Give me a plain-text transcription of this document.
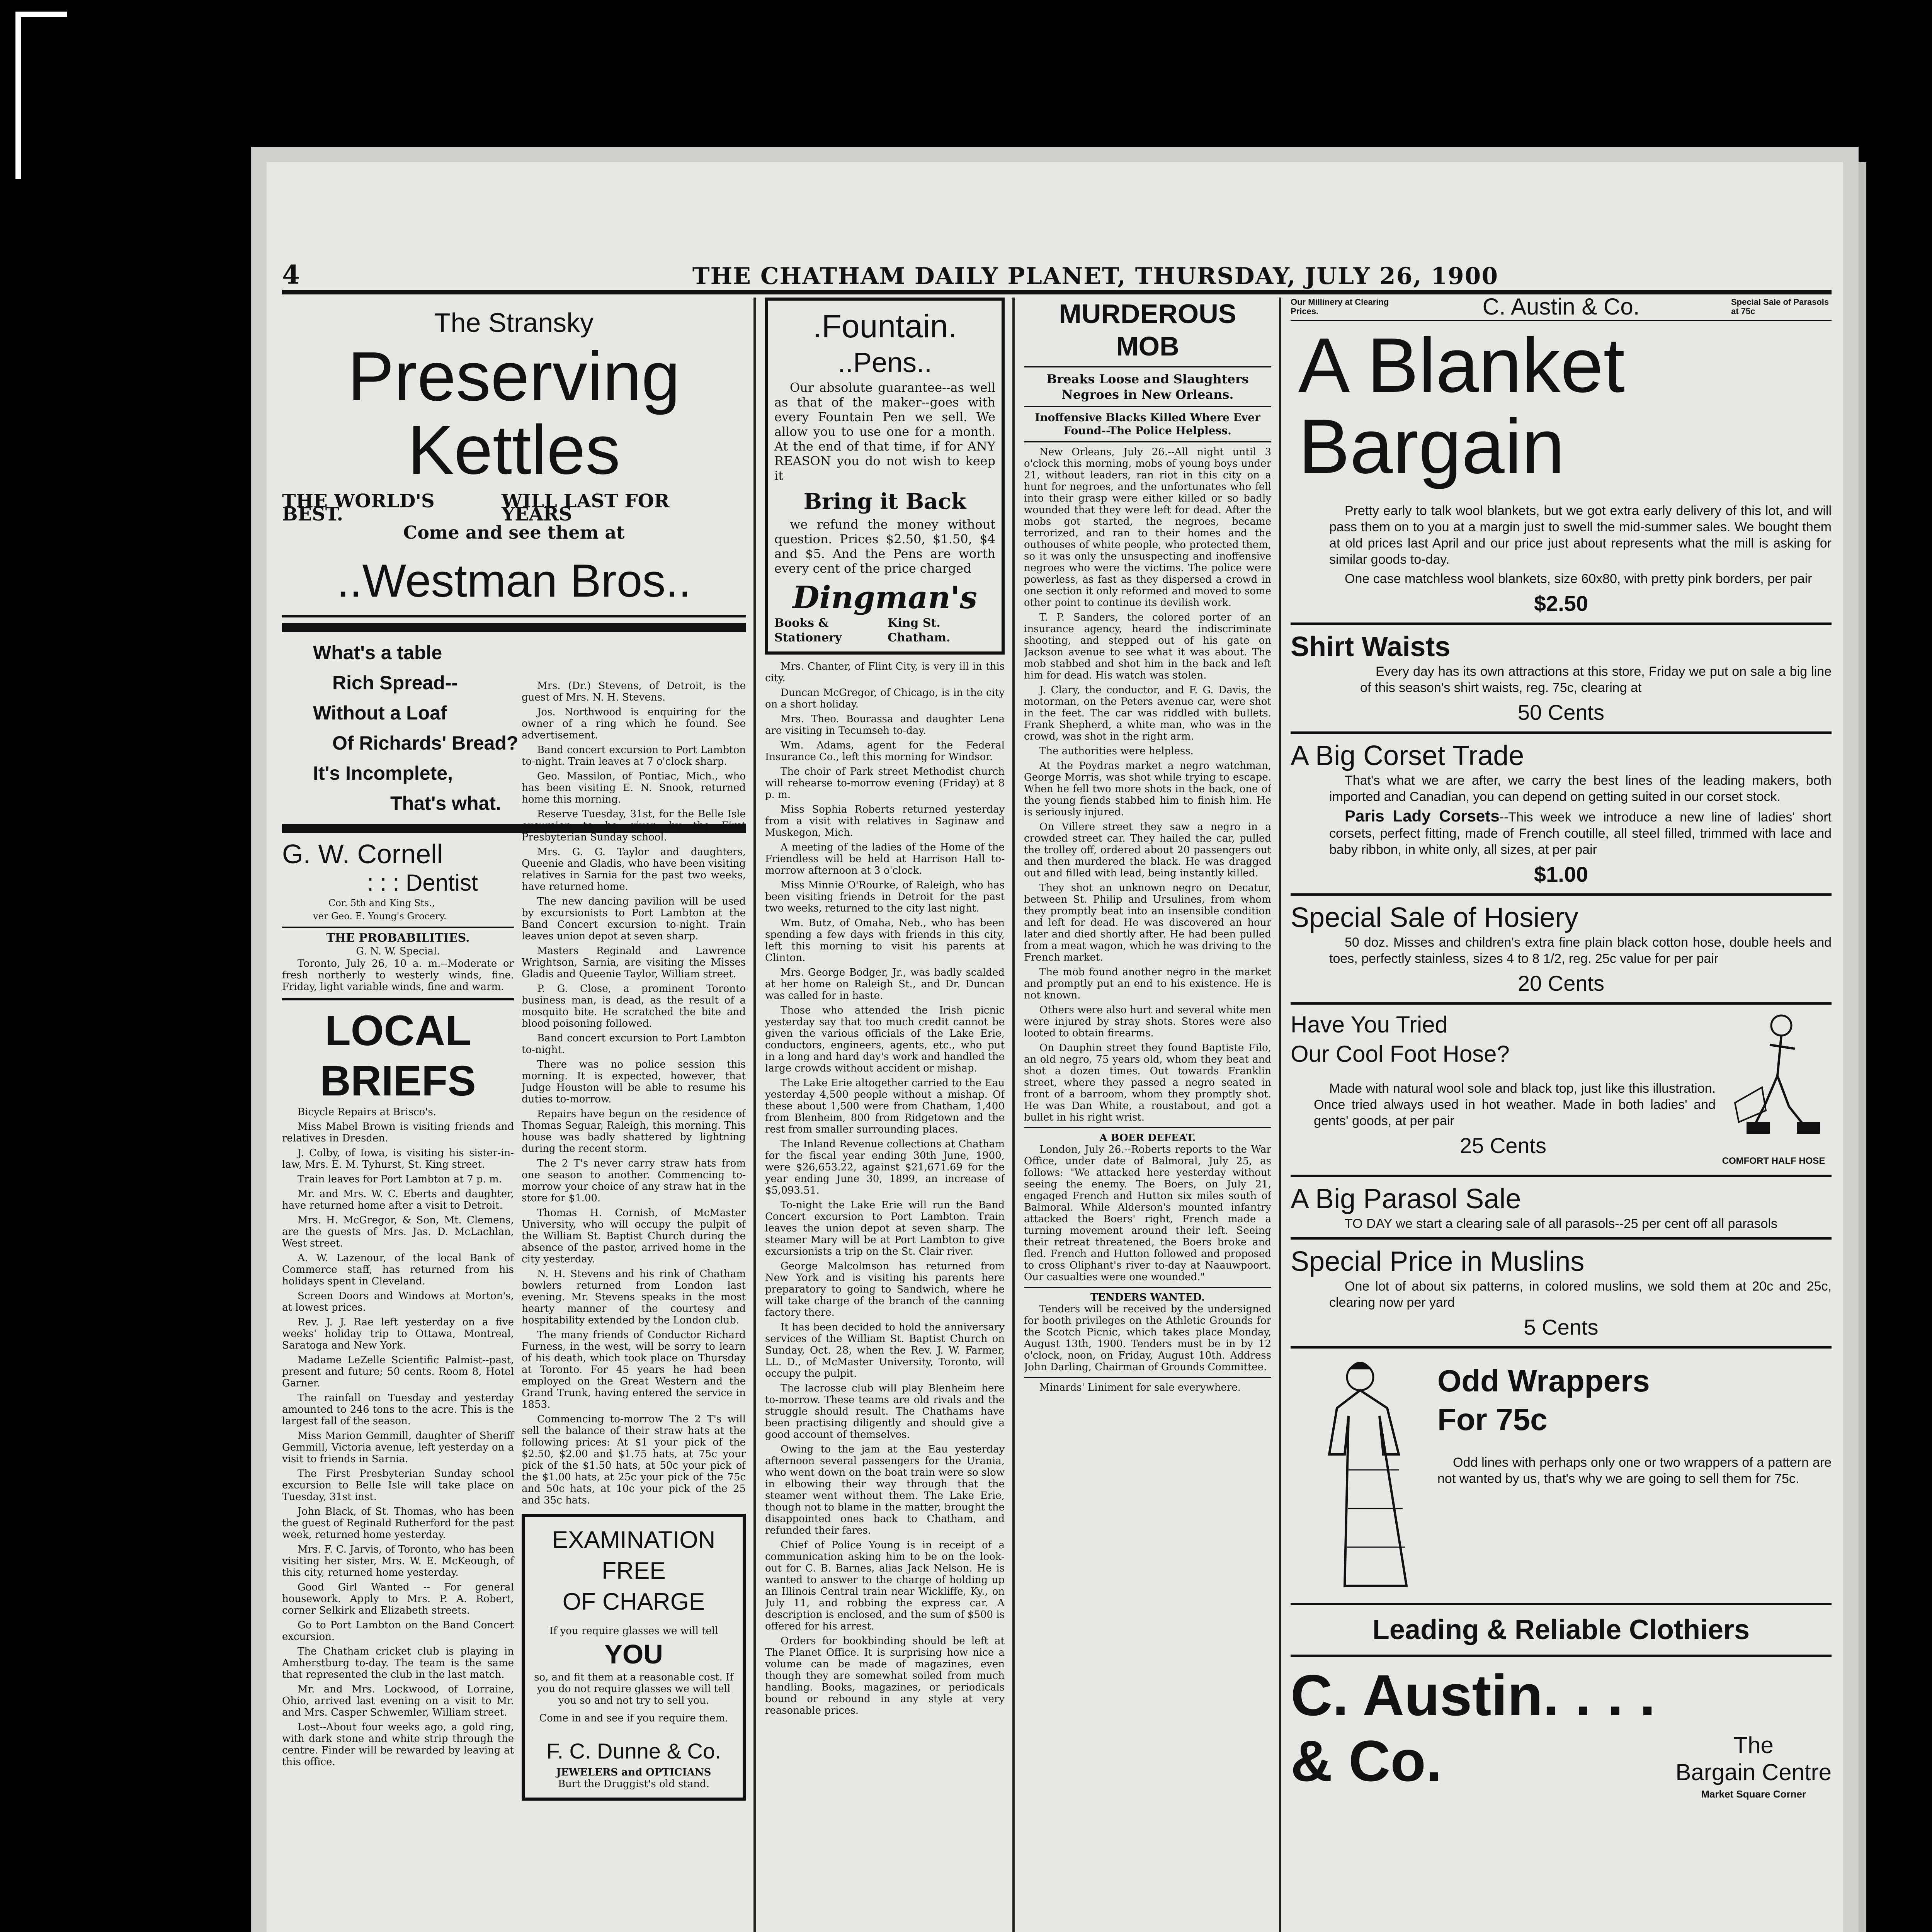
4	THE CHATHAM DAILY PLANET, THURSDAY, JULY 26, 1900
The Stransky
Preserving
Kettles
THE WORLD'S BEST.
WILL LAST FOR YEARS
Come and see them at
..Westman Bros..
What's a table
Rich Spread--
Without a Loaf
Of Richards' Bread?
It's Incomplete,
That's what.
G. W. Cornell
: : : Dentist
Cor. 5th and King Sts.,
ver Geo. E. Young's Grocery.
THE PROBABILITIES.
G. N. W. Special.

Toronto, July 26, 10 a. m.--Moderate or fresh northerly to westerly winds, fine. Friday, light variable winds, fine and warm.

LOCAL BRIEFS

Bicycle Repairs at Brisco's.

Miss Mabel Brown is visiting friends and relatives in Dresden.

J. Colby, of Iowa, is visiting his sister-in-law, Mrs. E. M. Tyhurst, St. King street.

Train leaves for Port Lambton at 7 p. m.

Mr. and Mrs. W. C. Eberts and daughter, have returned home after a visit to Detroit.

Mrs. H. McGregor, & Son, Mt. Clemens, are the guests of Mrs. Jas. D. McLachlan, West street.

A. W. Lazenour, of the local Bank of Commerce staff, has returned from his holidays spent in Cleveland.

Screen Doors and Windows at Morton's, at lowest prices.

Rev. J. J. Rae left yesterday on a five weeks' holiday trip to Ottawa, Montreal, Saratoga and New York.

Madame LeZelle Scientific Palmist--past, present and future; 50 cents. Room 8, Hotel Garner.

The rainfall on Tuesday and yesterday amounted to 246 tons to the acre. This is the largest fall of the season.

Miss Marion Gemmill, daughter of Sheriff Gemmill, Victoria avenue, left yesterday on a visit to friends in Sarnia.

The First Presbyterian Sunday school excursion to Belle Isle will take place on Tuesday, 31st inst.

John Black, of St. Thomas, who has been the guest of Reginald Rutherford for the past week, returned home yesterday.

Mrs. F. C. Jarvis, of Toronto, who has been visiting her sister, Mrs. W. E. McKeough, of this city, returned home yesterday.

Good Girl Wanted -- For general housework. Apply to Mrs. P. A. Robert, corner Selkirk and Elizabeth streets.

Go to Port Lambton on the Band Concert excursion.

The Chatham cricket club is playing in Amherstburg to-day. The team is the same that represented the club in the last match.

Mr. and Mrs. Lockwood, of Lorraine, Ohio, arrived last evening on a visit to Mr. and Mrs. Casper Schwemler, William street.

Lost--About four weeks ago, a gold ring, with dark stone and white strip through the centre. Finder will be rewarded by leaving at this office.

Mrs. (Dr.) Stevens, of Detroit, is the guest of Mrs. N. H. Stevens.

Jos. Northwood is enquiring for the owner of a ring which he found. See advertisement.

Band concert excursion to Port Lambton to-night. Train leaves at 7 o'clock sharp.

Geo. Massilon, of Pontiac, Mich., who has been visiting E. N. Snook, returned home this morning.

Reserve Tuesday, 31st, for the Belle Isle excursion to be given by the First Presbyterian Sunday school.

Mrs. G. G. Taylor and daughters, Queenie and Gladis, who have been visiting relatives in Sarnia for the past two weeks, have returned home.

The new dancing pavilion will be used by excursionists to Port Lambton at the Band Concert excursion to-night. Train leaves union depot at seven sharp.

Masters Reginald and Lawrence Wrightson, Sarnia, are visiting the Misses Gladis and Queenie Taylor, William street.

P. G. Close, a prominent Toronto business man, is dead, as the result of a mosquito bite. He scratched the bite and blood poisoning followed.

Band concert excursion to Port Lambton to-night.

There was no police session this morning. It is expected, however, that Judge Houston will be able to resume his duties to-morrow.

Repairs have begun on the residence of Thomas Seguar, Raleigh, this morning. This house was badly shattered by lightning during the recent storm.

The 2 T's never carry straw hats from one season to another. Commencing to-morrow your choice of any straw hat in the store for $1.00.

Thomas H. Cornish, of McMaster University, who will occupy the pulpit of the William St. Baptist Church during the absence of the pastor, arrived home in the city yesterday.

N. H. Stevens and his rink of Chatham bowlers returned from London last evening. Mr. Stevens speaks in the most hearty manner of the courtesy and hospitability extended by the London club.

The many friends of Conductor Richard Furness, in the west, will be sorry to learn of his death, which took place on Thursday at Toronto. For 45 years he had been employed on the Great Western and the Grand Trunk, having entered the service in 1853.

Commencing to-morrow The 2 T's will sell the balance of their straw hats at the following prices: At $1 your pick of the $2.50, $2.00 and $1.75 hats, at 75c your pick of the $1.50 hats, at 50c your pick of the $1.00 hats, at 25c your pick of the 75c and 50c hats, at 10c your pick of the 25 and 35c hats.

EXAMINATION
FREE
OF CHARGE
If you require glasses we will tell
YOU
so, and fit them at a reasonable cost. If you do not require glasses we will tell you so and not try to sell you.
Come in and see if you require them.
F. C. Dunne & Co.
JEWELERS and OPTICIANS
Burt the Druggist's old stand.
.Fountain.
..Pens..

Our absolute guarantee--as well as that of the maker--goes with every Fountain Pen we sell. We allow you to use one for a month. At the end of that time, if for ANY REASON you do not wish to keep it

Bring it Back

we refund the money without question. Prices $2.50, $1.50, $4 and $5. And the Pens are worth every cent of the price charged

Dingman's
Books & Stationery
King St. Chatham.

Mrs. Chanter, of Flint City, is very ill in this city.

Duncan McGregor, of Chicago, is in the city on a short holiday.

Mrs. Theo. Bourassa and daughter Lena are visiting in Tecumseh to-day.

Wm. Adams, agent for the Federal Insurance Co., left this morning for Windsor.

The choir of Park street Methodist church will rehearse to-morrow evening (Friday) at 8 p. m.

Miss Sophia Roberts returned yesterday from a visit with relatives in Saginaw and Muskegon, Mich.

A meeting of the ladies of the Home of the Friendless will be held at Harrison Hall to-morrow afternoon at 3 o'clock.

Miss Minnie O'Rourke, of Raleigh, who has been visiting friends in Detroit for the past two weeks, returned to the city last night.

Wm. Butz, of Omaha, Neb., who has been spending a few days with friends in this city, left this morning to visit his parents at Clinton.

Mrs. George Bodger, Jr., was badly scalded at her home on Raleigh St., and Dr. Duncan was called for in haste.

Those who attended the Irish picnic yesterday say that too much credit cannot be given the various officials of the Lake Erie, conductors, engineers, agents, etc., who put in a long and hard day's work and handled the large crowds without accident or mishap.

The Lake Erie altogether carried to the Eau yesterday 4,500 people without a mishap. Of these about 1,500 were from Chatham, 1,400 from Blenheim, 800 from Ridgetown and the rest from smaller surrounding places.

The Inland Revenue collections at Chatham for the fiscal year ending 30th June, 1900, were $26,653.22, against $21,671.69 for the year ending June 30, 1899, an increase of $5,093.51.

To-night the Lake Erie will run the Band Concert excursion to Port Lambton. Train leaves the union depot at seven sharp. The steamer Mary will be at Port Lambton to give excursionists a trip on the St. Clair river.

George Malcolmson has returned from New York and is visiting his parents here preparatory to going to Sandwich, where he will take charge of the branch of the canning factory there.

It has been decided to hold the anniversary services of the William St. Baptist Church on Sunday, Oct. 28, when the Rev. J. W. Farmer, LL. D., of McMaster University, Toronto, will occupy the pulpit.

The lacrosse club will play Blenheim here to-morrow. These teams are old rivals and the struggle should result. The Chathams have been practising diligently and should give a good account of themselves.

Owing to the jam at the Eau yesterday afternoon several passengers for the Urania, who went down on the boat train were so slow in elbowing their way through that the steamer went without them. The Lake Erie, though not to blame in the matter, brought the disappointed ones back to Chatham, and refunded their fares.

Chief of Police Young is in receipt of a communication asking him to be on the look-out for C. B. Barnes, alias Jack Nelson. He is wanted to answer to the charge of holding up an Illinois Central train near Wickliffe, Ky., on July 11, and robbing the express car. A description is enclosed, and the sum of $500 is offered for his arrest.

Orders for bookbinding should be left at The Planet Office. It is surprising how nice a volume can be made of magazines, even though they are somewhat soiled from much handling. Books, magazines, or periodicals bound or rebound in any style at very reasonable prices.

MURDEROUS MOB
Breaks Loose and Slaughters Negroes in New Orleans.
Inoffensive Blacks Killed Where Ever Found--The Police Helpless.

New Orleans, July 26.--All night until 3 o'clock this morning, mobs of young boys under 21, without leaders, ran riot in this city on a hunt for negroes, and the unfortunates who fell into their grasp were either killed or so badly wounded that they were left for dead. After the mobs got started, the negroes, became terrorized, and ran to their homes and the outhouses of white people, who protected them, so it was only the unsuspecting and inoffensive negroes who were the victims. The police were powerless, as fast as they dispersed a crowd in one section it only reformed and moved to some other point to continue its devilish work.

T. P. Sanders, the colored porter of an insurance agency, heard the indiscriminate shooting, and stepped out of his gate on Jackson avenue to see what it was about. The mob stabbed and shot him in the back and left him for dead. His watch was stolen.

J. Clary, the conductor, and F. G. Davis, the motorman, on the Peters avenue car, were shot in the feet. The car was riddled with bullets. Frank Shepherd, a white man, who was in the crowd, was shot in the right arm.

The authorities were helpless.

At the Poydras market a negro watchman, George Morris, was shot while trying to escape. When he fell two more shots in the back, one of the young fiends stabbed him to finish him. He is seriously injured.

On Villere street they saw a negro in a crowded street car. They hailed the car, pulled the trolley off, ordered about 20 passengers out and then murdered the black. He was dragged out and filled with lead, being instantly killed.

They shot an unknown negro on Decatur, between St. Philip and Ursulines, from whom they promptly beat into an insensible condition and left for dead. He was discovered an hour later and died shortly after. He had been pulled from a meat wagon, which he was driving to the French market.

The mob found another negro in the market and promptly put an end to his existence. He is not known.

Others were also hurt and several white men were injured by stray shots. Stores were also looted to obtain firearms.

On Dauphin street they found Baptiste Filo, an old negro, 75 years old, whom they beat and shot a dozen times. Out towards Franklin street, where they passed a negro seated in front of a barroom, whom they promptly shot. He was Dan White, a roustabout, and got a bullet in his right wrist.

A BOER DEFEAT.

London, July 26.--Roberts reports to the War Office, under date of Balmoral, July 25, as follows: "We attacked here yesterday without seeing the enemy. The Boers, on July 21, engaged French and Hutton six miles south of Balmoral. While Alderson's mounted infantry attacked the Boers' right, French made a turning movement around their left. Seeing their retreat threatened, the Boers broke and fled. French and Hutton followed and proposed to cross Oliphant's river to-day at Naauwpoort. Our casualties were one wounded."

TENDERS WANTED.

Tenders will be received by the undersigned for booth privileges on the Athletic Grounds for the Scotch Picnic, which takes place Monday, August 13th, 1900. Tenders must be in by 12 o'clock, noon, on Friday, August 10th. Address John Darling, Chairman of Grounds Committee.

Minards' Liniment for sale everywhere.

Our Millinery at Clearing Prices.	C. Austin & Co.	Special Sale of Parasols at 75c
A Blanket Bargain

Pretty early to talk wool blankets, but we got extra early delivery of this lot, and will pass them on to you at a margin just to swell the mid-summer sales. We bought them at old prices last April and our price just about represents what the mill is asking for similar goods to-day.

One case matchless wool blankets, size 60x80, with pretty pink borders, per pair

$2.50
Shirt Waists

Every day has its own attractions at this store, Friday we put on sale a big line of this season's shirt waists, reg. 75c, clearing at

50 Cents
A Big Corset Trade

That's what we are after, we carry the best lines of the leading makers, both imported and Canadian, you can depend on getting suited in our corset stock.

Paris Lady Corsets--This week we introduce a new line of ladies' short corsets, perfect fitting, made of French coutille, all steel filled, trimmed with lace and baby ribbon, in white only, all sizes, at per pair

$1.00
Special Sale of Hosiery

50 doz. Misses and children's extra fine plain black cotton hose, double heels and toes, perfectly stainless, sizes 4 to 8 1/2, reg. 25c value for per pair

20 Cents
Have You Tried
Our Cool Foot Hose?

Made with natural wool sole and black top, just like this illustration. Once tried always used in hot weather. Made in both ladies' and gents' goods, at per pair

25 Cents
COMFORT HALF HOSE
A Big Parasol Sale

TO DAY we start a clearing sale of all parasols--25 per cent off all parasols

Special Price in Muslins

One lot of about six patterns, in colored muslins, we sold them at 20c and 25c, clearing now per yard

5 Cents
Odd Wrappers
For 75c

Odd lines with perhaps only one or two wrappers of a pattern are not wanted by us, that's why we are going to sell them for 75c.

Leading & Reliable Clothiers
C. Austin. . . .
& Co.	The
Bargain Centre
Market Square Corner
